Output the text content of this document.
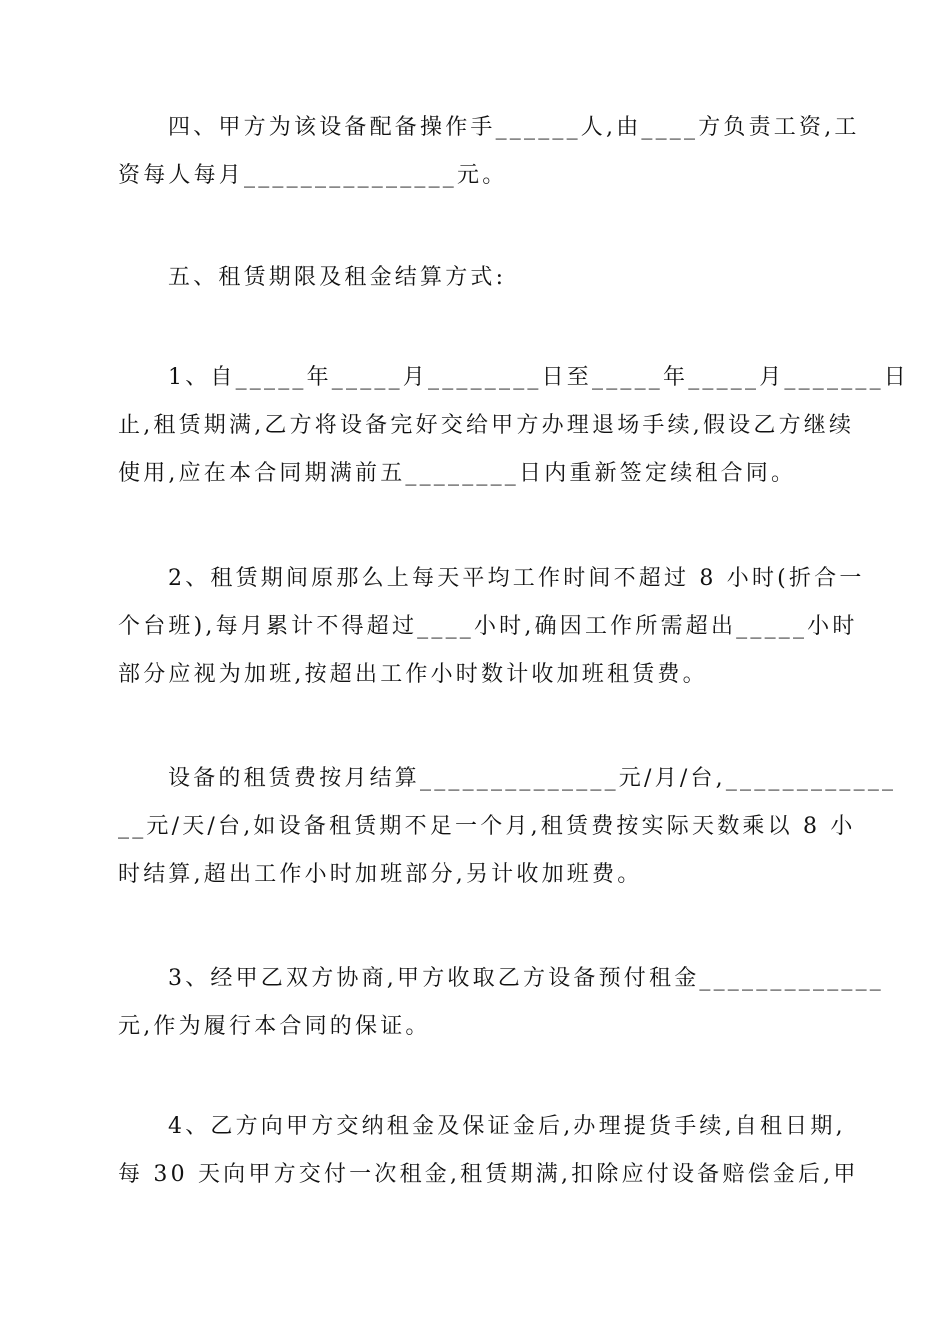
四、甲方为该设备配备操作手______人,由____方负责工资,工
资每人每月_______________元。
五、租赁期限及租金结算方式:
1、自_____年_____月________日至_____年_____月_______日
止,租赁期满,乙方将设备完好交给甲方办理退场手续,假设乙方继续
使用,应在本合同期满前五________日内重新签定续租合同。
2、租赁期间原那么上每天平均工作时间不超过 8 小时(折合一
个台班),每月累计不得超过____小时,确因工作所需超出_____小时
部分应视为加班,按超出工作小时数计收加班租赁费。
设备的租赁费按月结算______________元/月/台,____________
__元/天/台,如设备租赁期不足一个月,租赁费按实际天数乘以 8 小
时结算,超出工作小时加班部分,另计收加班费。
3、经甲乙双方协商,甲方收取乙方设备预付租金_____________
元,作为履行本合同的保证。
4、乙方向甲方交纳租金及保证金后,办理提货手续,自租日期,
每 30 天向甲方交付一次租金,租赁期满,扣除应付设备赔偿金后,甲
